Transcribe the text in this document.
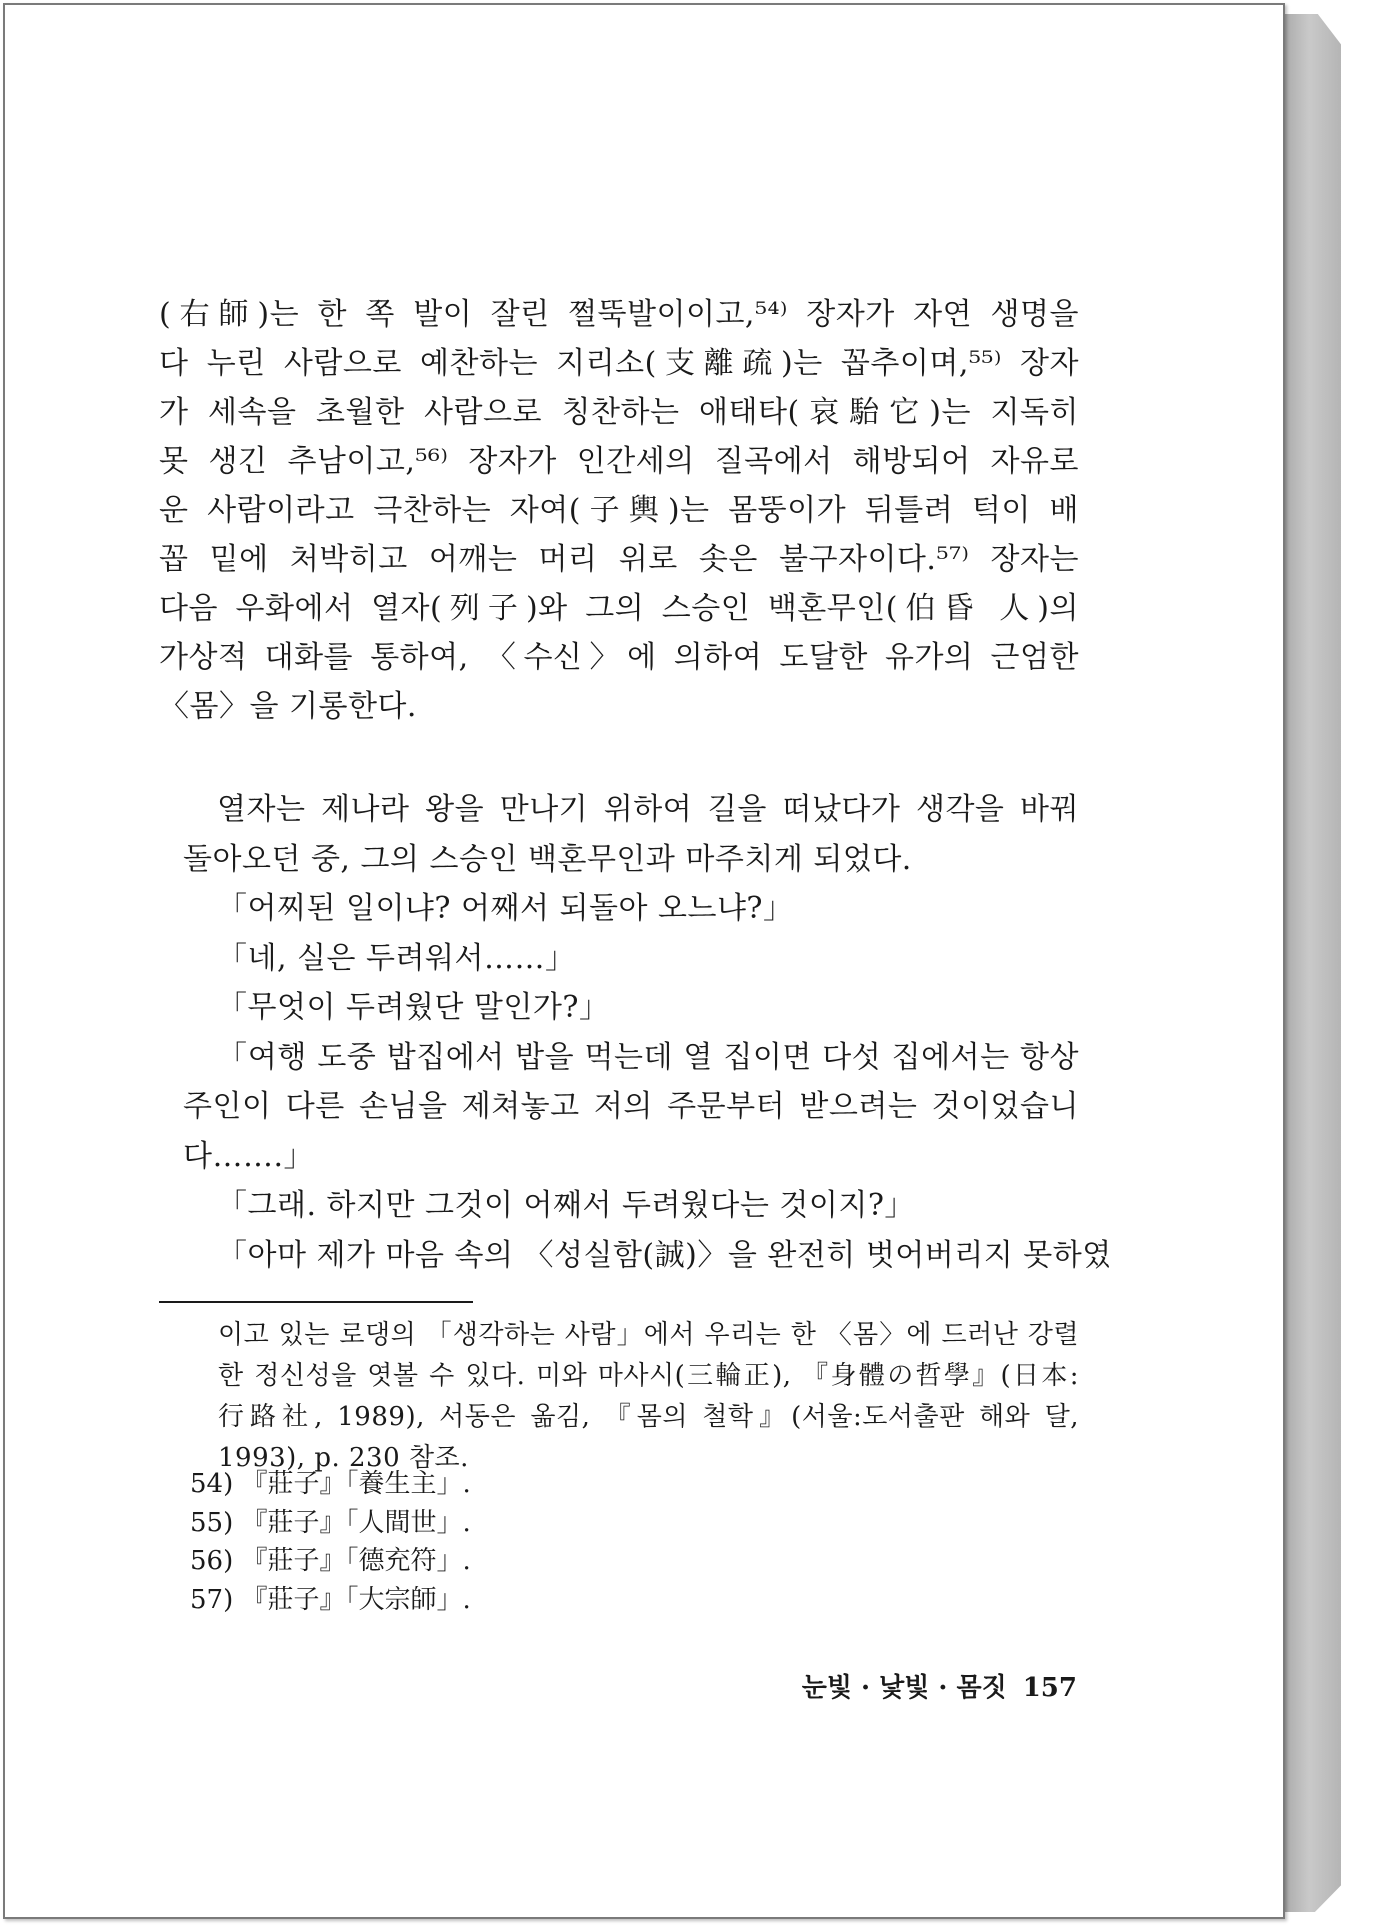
(右師)는 한 쪽 발이 잘린 쩔뚝발이이고,⁵⁴⁾ 장자가 자연 생명을
다 누린 사람으로 예찬하는 지리소(支離疏)는 꼽추이며,⁵⁵⁾ 장자
가 세속을 초월한 사람으로 칭찬하는 애태타(哀駘它)는 지독히
못 생긴 추남이고,⁵⁶⁾ 장자가 인간세의 질곡에서 해방되어 자유로
운 사람이라고 극찬하는 자여(子輿)는 몸뚱이가 뒤틀려 턱이 배
꼽 밑에 처박히고 어깨는 머리 위로 솟은 불구자이다.⁵⁷⁾ 장자는
다음 우화에서 열자(列子)와 그의 스승인 백혼무인(伯昏 人)의
가상적 대화를 통하여, 〈수신〉에 의하여 도달한 유가의 근엄한
〈몸〉을 기롱한다.
열자는 제나라 왕을 만나기 위하여 길을 떠났다가 생각을 바꿔
돌아오던 중, 그의 스승인 백혼무인과 마주치게 되었다.
「어찌된 일이냐? 어째서 되돌아 오느냐?」
「네, 실은 두려워서……」
「무엇이 두려웠단 말인가?」
「여행 도중 밥집에서 밥을 먹는데 열 집이면 다섯 집에서는 항상
주인이 다른 손님을 제쳐놓고 저의 주문부터 받으려는 것이었습니
다…….」
「그래. 하지만 그것이 어째서 두려웠다는 것이지?」
「아마 제가 마음 속의 〈성실함(誠)〉을 완전히 벗어버리지 못하였
이고 있는 로댕의 「생각하는 사람」에서 우리는 한 〈몸〉에 드러난 강렬
한 정신성을 엿볼 수 있다. 미와 마사시(三輪正), 『身體の哲學』(日本:
行路社, 1989), 서동은 옮김, 『몸의 철학』(서울:도서출판 해와 달,
1993), p. 230 참조.
54) 『莊子』「養生主」.
55) 『莊子』「人間世」.
56) 『莊子』「德充符」.
57) 『莊子』「大宗師」.
눈빛 · 낯빛 · 몸짓 157
